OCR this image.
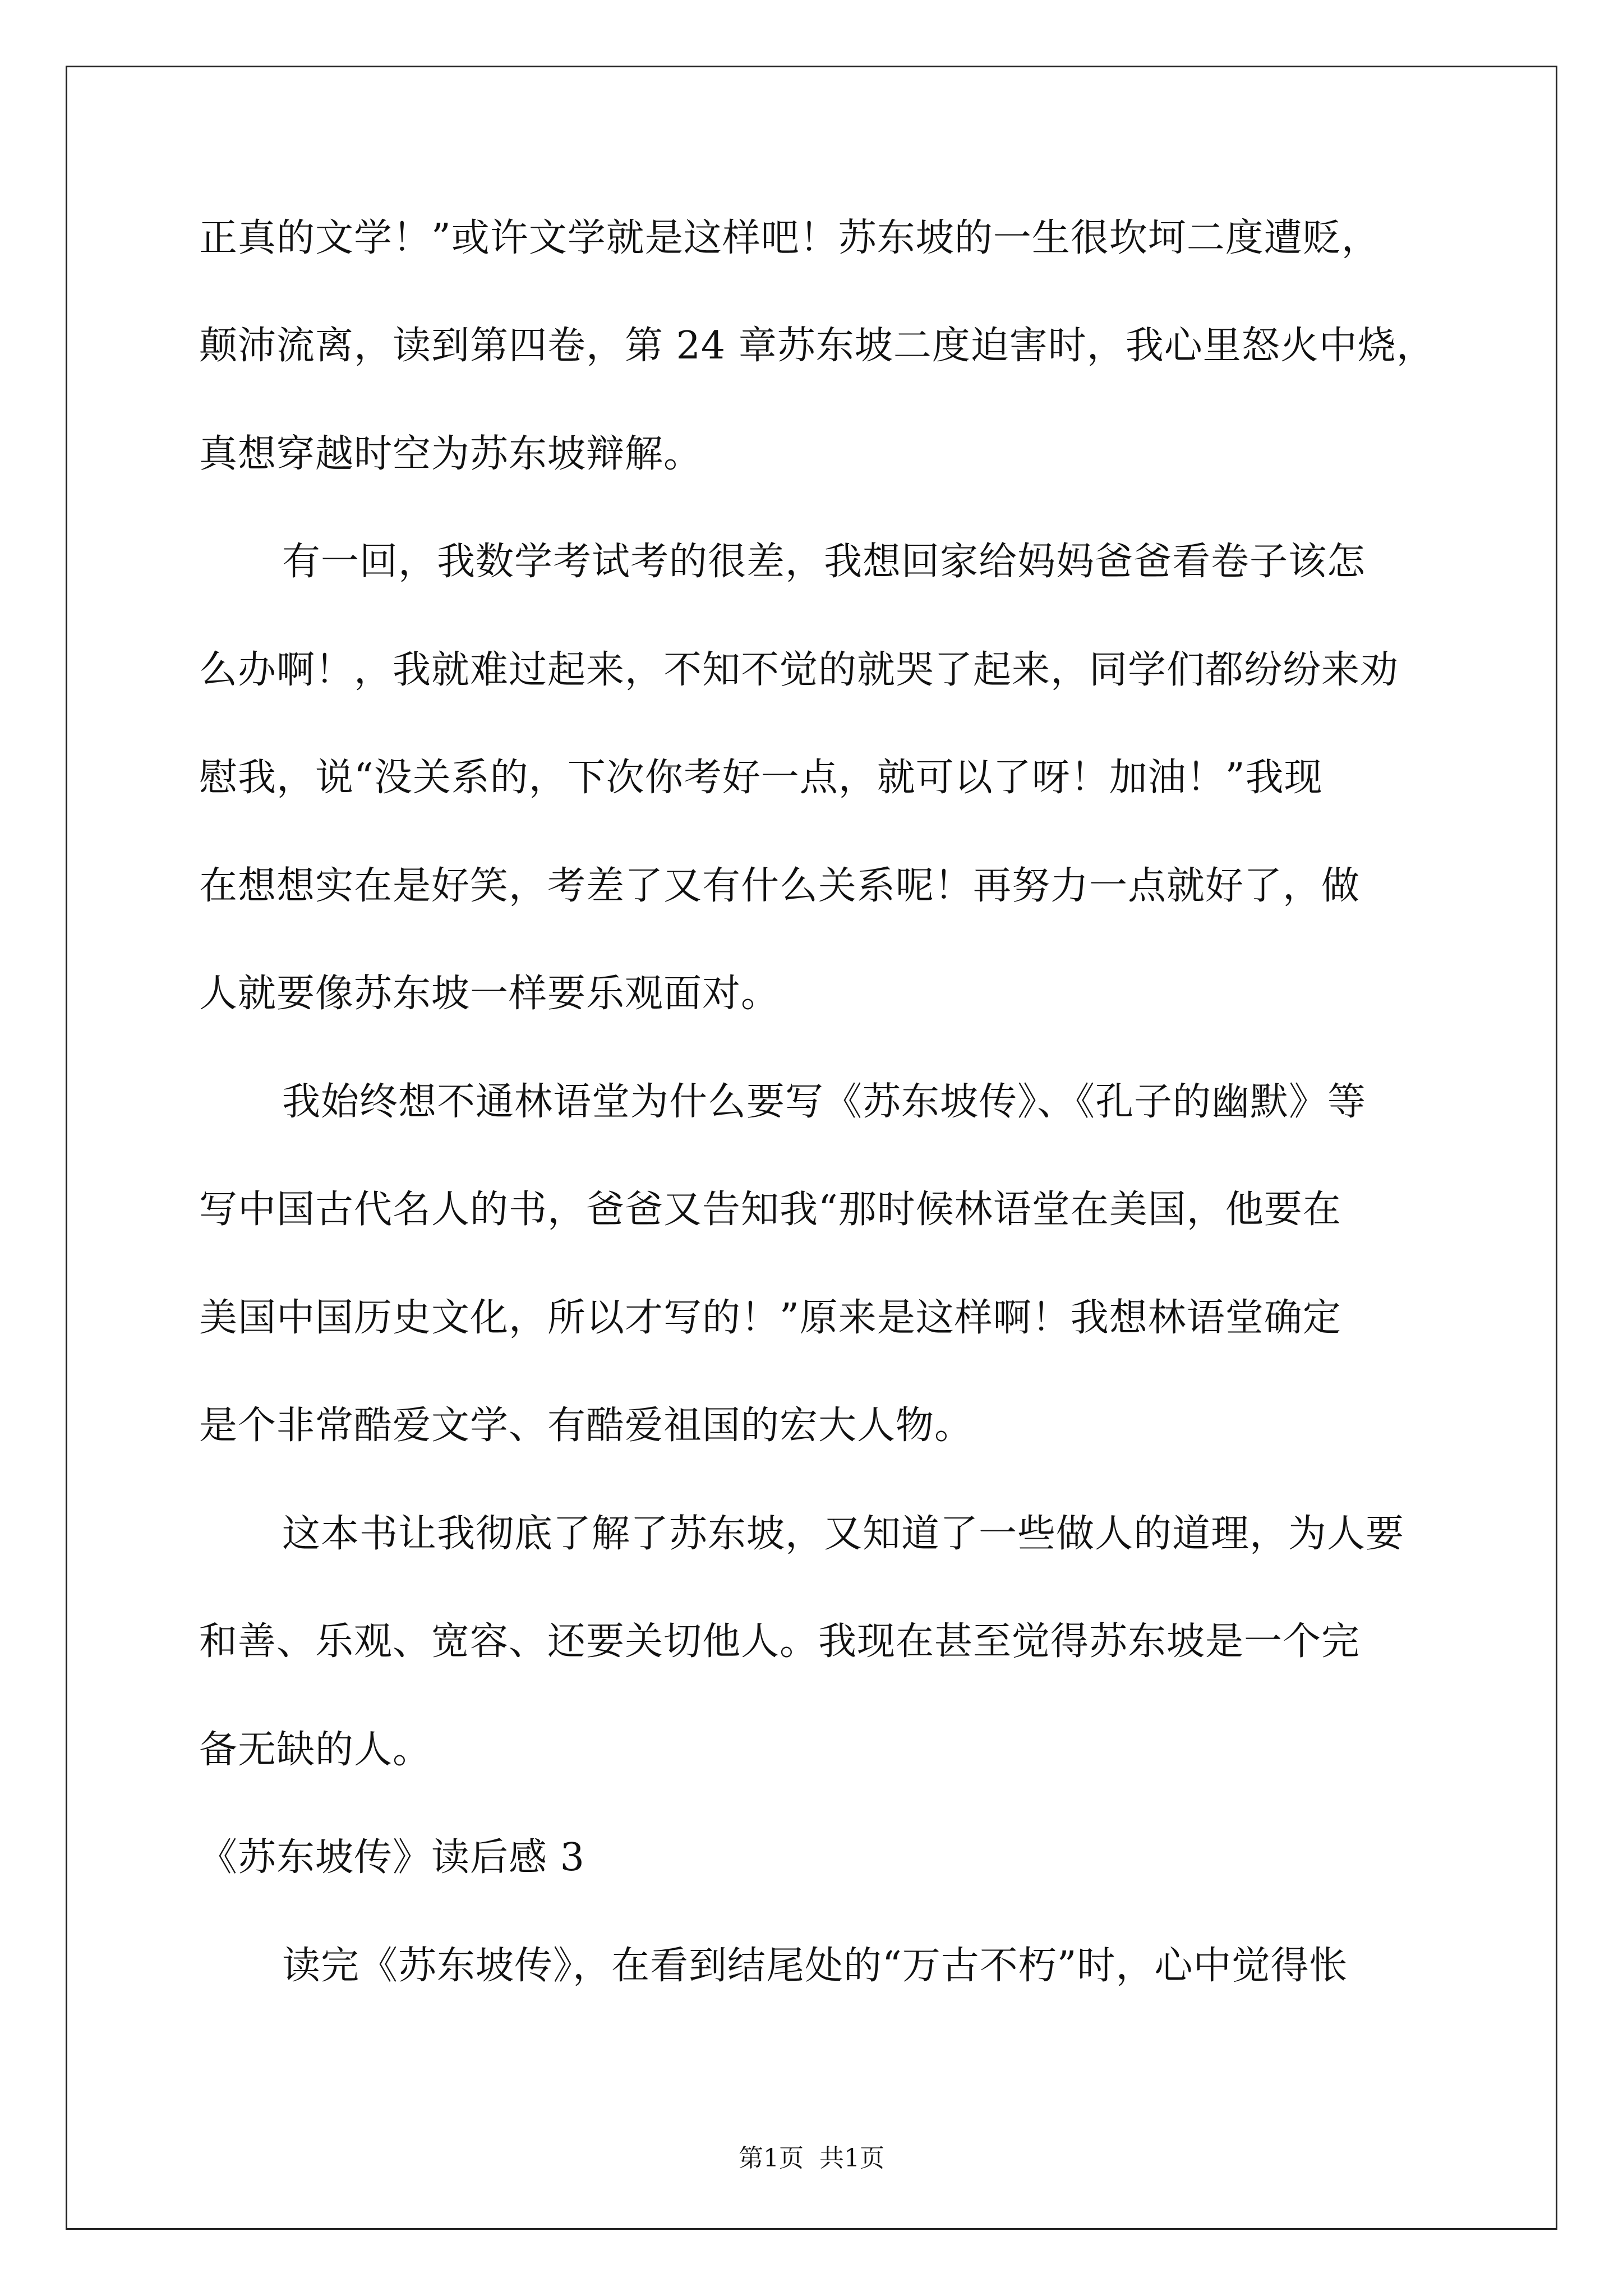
正真的文学！”或许文学就是这样吧！苏东坡的一生很坎坷二度遭贬，
颠沛流离，读到第四卷，第 24 章苏东坡二度迫害时，我心里怒火中烧，
真想穿越时空为苏东坡辩解。
有一回，我数学考试考的很差，我想回家给妈妈爸爸看卷子该怎
么办啊！，我就难过起来，不知不觉的就哭了起来，同学们都纷纷来劝
慰我，说“没关系的，下次你考好一点，就可以了呀！加油！”我现
在想想实在是好笑，考差了又有什么关系呢！再努力一点就好了，做
人就要像苏东坡一样要乐观面对。
我始终想不通林语堂为什么要写《苏东坡传》、《孔子的幽默》等
写中国古代名人的书，爸爸又告知我“那时候林语堂在美国，他要在
美国中国历史文化，所以才写的！”原来是这样啊！我想林语堂确定
是个非常酷爱文学、有酷爱祖国的宏大人物。
这本书让我彻底了解了苏东坡，又知道了一些做人的道理，为人要
和善、乐观、宽容、还要关切他人。我现在甚至觉得苏东坡是一个完
备无缺的人。
《苏东坡传》读后感 3
读完《苏东坡传》，在看到结尾处的“万古不朽”时，心中觉得怅
第1页 共1页
